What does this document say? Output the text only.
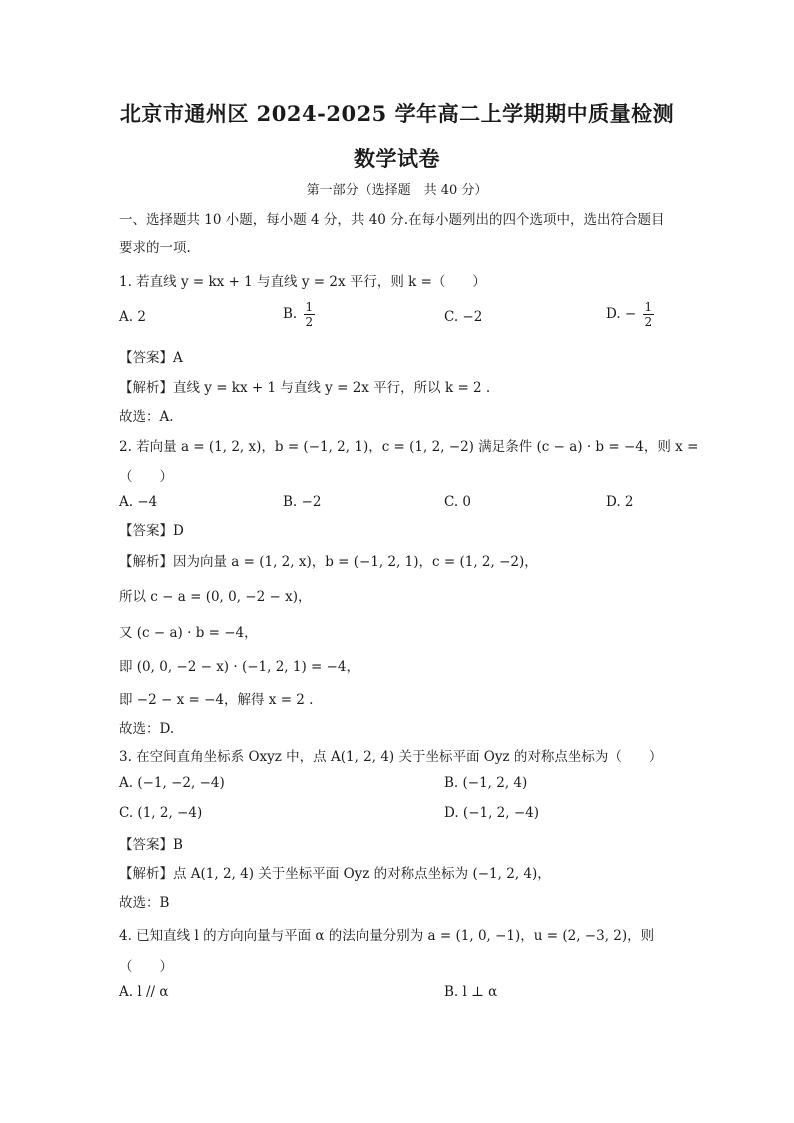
北京市通州区 2024-2025 学年高二上学期期中质量检测
数学试卷
第一部分（选择题　共 40 分）
一、选择题共 10 小题，每小题 4 分，共 40 分.在每小题列出的四个选项中，选出符合题目
要求的一项.
1. 若直线 y = kx + 1 与直线 y = 2x 平行，则 k =（　　）
A. 2	B. $\frac{1}{2}$	C. −2	D. − $\frac{1}{2}$
【答案】A
【解析】直线 y = kx + 1 与直线 y = 2x 平行，所以 k = 2 .
故选：A.
2. 若向量 a = (1, 2, x)，b = (−1, 2, 1)，c = (1, 2, −2) 满足条件 (c − a) · b = −4，则 x =
（　　）
A. −4	B. −2	C. 0	D. 2
【答案】D
【解析】因为向量 a = (1, 2, x)，b = (−1, 2, 1)，c = (1, 2, −2)，
所以 c − a = (0, 0, −2 − x)，
又 (c − a) · b = −4，
即 (0, 0, −2 − x) · (−1, 2, 1) = −4，
即 −2 − x = −4，解得 x = 2 .
故选：D.
3. 在空间直角坐标系 Oxyz 中，点 A(1, 2, 4) 关于坐标平面 Oyz 的对称点坐标为（　　）
A. (−1, −2, −4)	B. (−1, 2, 4)
C. (1, 2, −4)	D. (−1, 2, −4)
【答案】B
【解析】点 A(1, 2, 4) 关于坐标平面 Oyz 的对称点坐标为 (−1, 2, 4)，
故选：B
4. 已知直线 l 的方向向量与平面 α 的法向量分别为 a = (1, 0, −1)，u = (2, −3, 2)，则
（　　）
A. l // α	B. l ⊥ α
